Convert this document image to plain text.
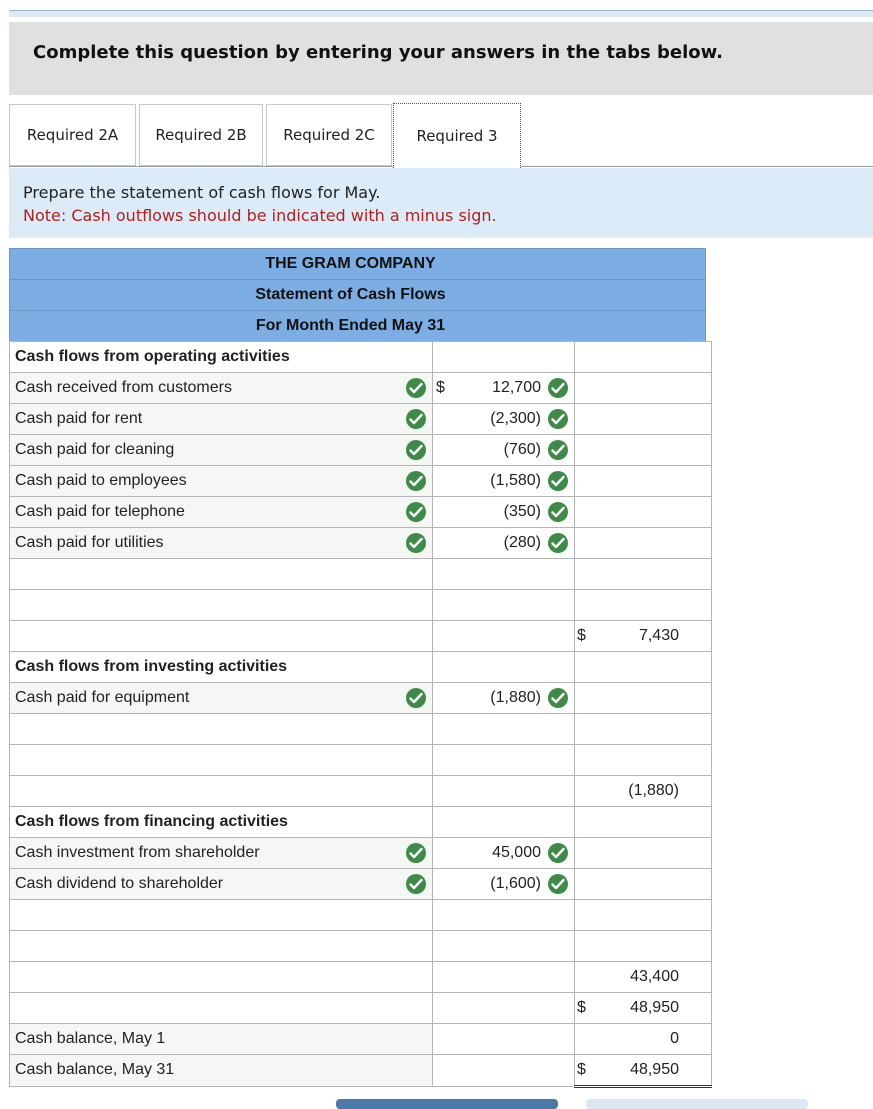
Complete this question by entering your answers in the tabs below.
Required 2A	Required 2B	Required 2C	Required 3
Prepare the statement of cash flows for May.
Note: Cash outflows should be indicated with a minus sign.
THE GRAM COMPANY
Statement of Cash Flows
For Month Ended May 31
Cash flows from operating activities		

Cash received from customers	$ 12,700	

Cash paid for rent	(2,300)	

Cash paid for cleaning	(760)	

Cash paid to employees	(1,580)	

Cash paid for telephone	(350)	

Cash paid for utilities	(280)	

		$ 7,430

Cash flows from investing activities		

Cash paid for equipment	(1,880)	

		(1,880)

Cash flows from financing activities		

Cash investment from shareholder	45,000	

Cash dividend to shareholder	(1,600)	

		43,400

		$ 48,950

Cash balance, May 1		0

Cash balance, May 31		$ 48,950
